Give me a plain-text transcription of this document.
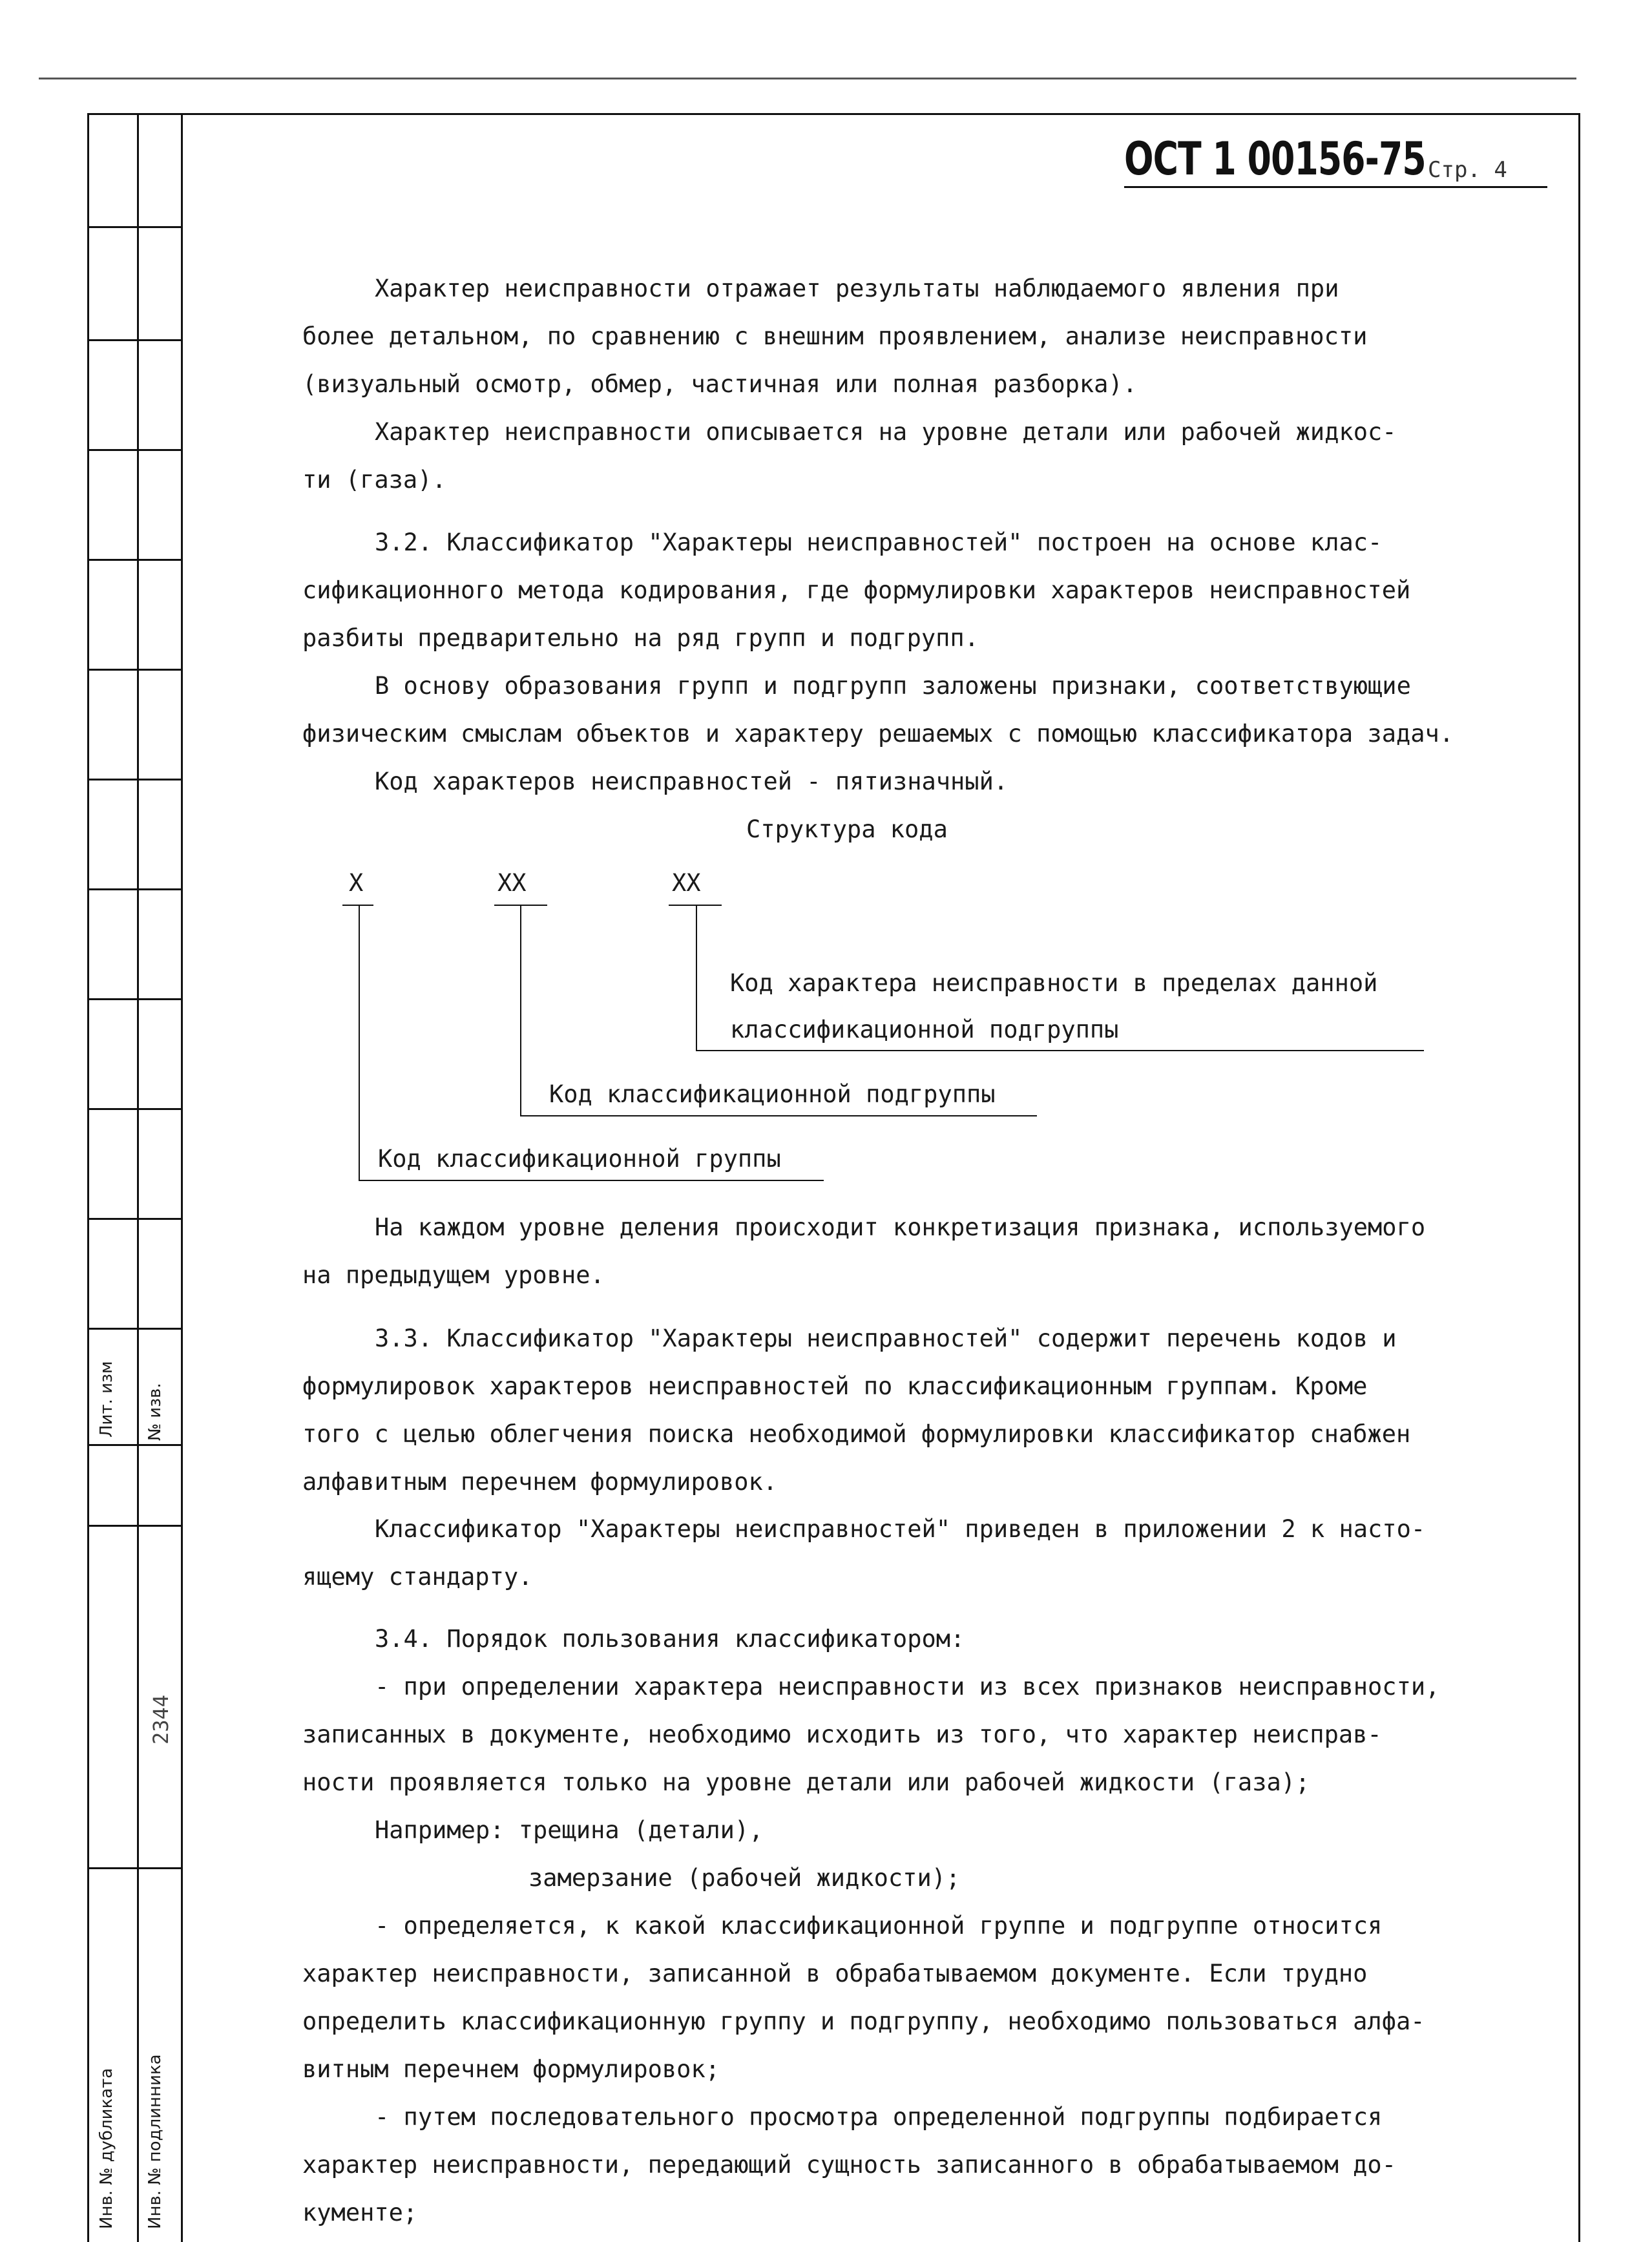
Лит. изм № изв.
2344
Инв. № дубликата Инв. № подлинника
ОСТ 1 00156-75 Стр. 4
Характер неисправности отражает результаты наблюдаемого явления при
более детальном, по сравнению с внешним проявлением, анализе неисправности
(визуальный осмотр, обмер, частичная или полная разборка).
Характер неисправности описывается на уровне детали или рабочей жидкос-
ти (газа).
3.2. Классификатор "Характеры неисправностей" построен на основе клас-
сификационного метода кодирования, где формулировки характеров неисправностей
разбиты предварительно на ряд групп и подгрупп.
В основу образования групп и подгрупп заложены признаки, соответствующие
физическим смыслам объектов и характеру решаемых с помощью классификатора задач.
Код характеров неисправностей - пятизначный.
Структура кода
X	XX	XX
Код характера неисправности в пределах данной
классификационной подгруппы
Код классификационной подгруппы
Код классификационной группы
На каждом уровне деления происходит конкретизация признака, используемого
на предыдущем уровне.
3.3. Классификатор "Характеры неисправностей" содержит перечень кодов и
формулировок характеров неисправностей по классификационным группам. Кроме
того с целью облегчения поиска необходимой формулировки классификатор снабжен
алфавитным перечнем формулировок.
Классификатор "Характеры неисправностей" приведен в приложении 2 к насто-
ящему стандарту.
3.4. Порядок пользования классификатором:
- при определении характера неисправности из всех признаков неисправности,
записанных в документе, необходимо исходить из того, что характер неисправ-
ности проявляется только на уровне детали или рабочей жидкости (газа);
Например: трещина (детали),
замерзание (рабочей жидкости);
- определяется, к какой классификационной группе и подгруппе относится
характер неисправности, записанной в обрабатываемом документе. Если трудно
определить классификационную группу и подгруппу, необходимо пользоваться алфа-
витным перечнем формулировок;
- путем последовательного просмотра определенной подгруппы подбирается
характер неисправности, передающий сущность записанного в обрабатываемом до-
кументе;
